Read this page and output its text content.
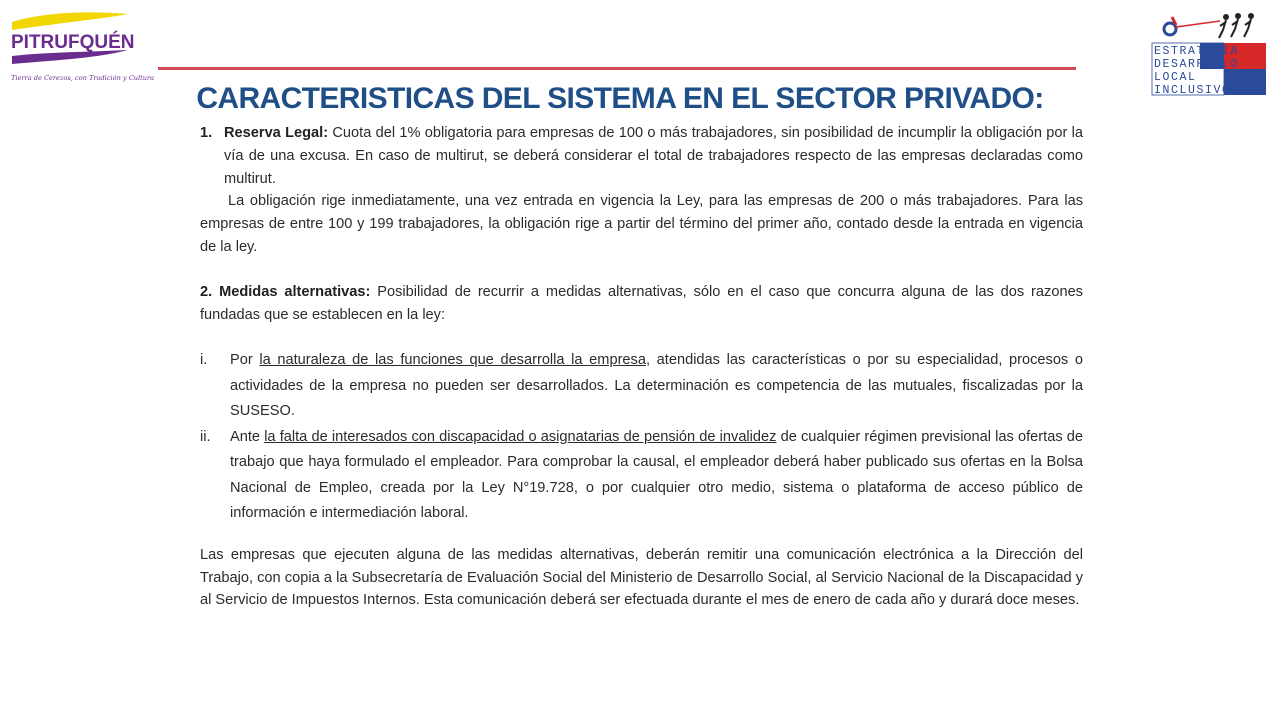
PITRUFQUÉN
Tierra de Cerezos, con Tradición y Cultura
ESTRATEGIA
DESARROLLO
LOCAL
INCLUSIVO
CARACTERISTICAS DEL SISTEMA EN EL SECTOR PRIVADO:

1. Reserva Legal: Cuota del 1% obligatoria para empresas de 100 o más trabajadores, sin posibilidad de incumplir la obligación por la vía de una excusa. En caso de multirut, se deberá considerar el total de trabajadores respecto de las empresas declaradas como multirut.

La obligación rige inmediatamente, una vez entrada en vigencia la Ley, para las empresas de 200 o más trabajadores. Para las empresas de entre 100 y 199 trabajadores, la obligación rige a partir del término del primer año, contado desde la entrada en vigencia de la ley.

2. Medidas alternativas: Posibilidad de recurrir a medidas alternativas, sólo en el caso que concurra alguna de las dos razones fundadas que se establecen en la ley:

i. Por la naturaleza de las funciones que desarrolla la empresa, atendidas las características o por su especialidad, procesos o actividades de la empresa no pueden ser desarrollados. La determinación es competencia de las mutuales, fiscalizadas por la SUSESO.

ii. Ante la falta de interesados con discapacidad o asignatarias de pensión de invalidez de cualquier régimen previsional las ofertas de trabajo que haya formulado el empleador. Para comprobar la causal, el empleador deberá haber publicado sus ofertas en la Bolsa Nacional de Empleo, creada por la Ley N°19.728, o por cualquier otro medio, sistema o plataforma de acceso público de información e intermediación laboral.

Las empresas que ejecuten alguna de las medidas alternativas, deberán remitir una comunicación electrónica a la Dirección del Trabajo, con copia a la Subsecretaría de Evaluación Social del Ministerio de Desarrollo Social, al Servicio Nacional de la Discapacidad y al Servicio de Impuestos Internos. Esta comunicación deberá ser efectuada durante el mes de enero de cada año y durará doce meses.
